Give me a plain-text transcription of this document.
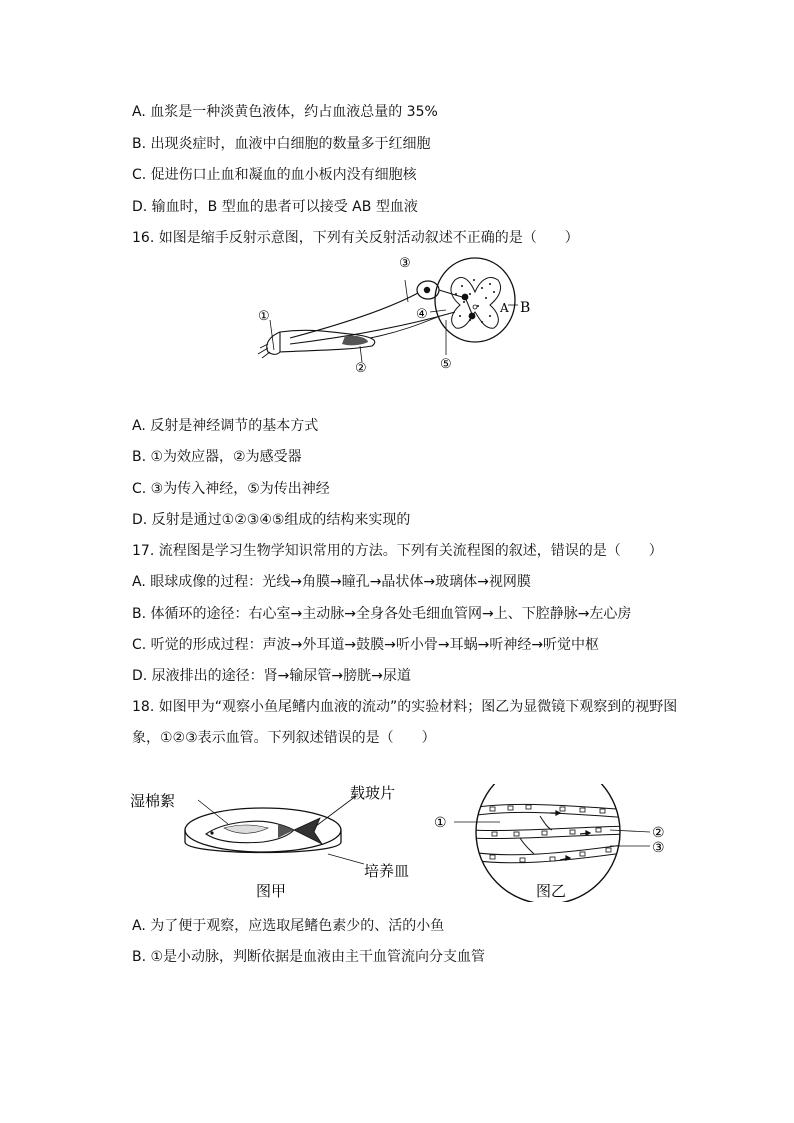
A. 血浆是一种淡黄色液体，约占血液总量的 35%
B. 出现炎症时，血液中白细胞的数量多于红细胞
C. 促进伤口止血和凝血的血小板内没有细胞核
D. 输血时，B 型血的患者可以接受 AB 型血液
16. 如图是缩手反射示意图，下列有关反射活动叙述不正确的是（　　）
①
②
③
④
⑤
A B
A. 反射是神经调节的基本方式
B. ①为效应器，②为感受器
C. ③为传入神经，⑤为传出神经
D. 反射是通过①②③④⑤组成的结构来实现的
17. 流程图是学习生物学知识常用的方法。下列有关流程图的叙述，错误的是（　　）
A. 眼球成像的过程：光线→角膜→瞳孔→晶状体→玻璃体→视网膜
B. 体循环的途径：右心室→主动脉→全身各处毛细血管网→上、下腔静脉→左心房
C. 听觉的形成过程：声波→外耳道→鼓膜→听小骨→耳蜗→听神经→听觉中枢
D. 尿液排出的途径：肾→输尿管→膀胱→尿道
18. 如图甲为“观察小鱼尾鳍内血液的流动”的实验材料；图乙为显微镜下观察到的视野图
象，①②③表示血管。下列叙述错误的是（　　）
湿棉絮	载玻片
培养皿
图甲
①
②
③
图乙
A. 为了便于观察，应选取尾鳍色素少的、活的小鱼
B. ①是小动脉，判断依据是血液由主干血管流向分支血管
